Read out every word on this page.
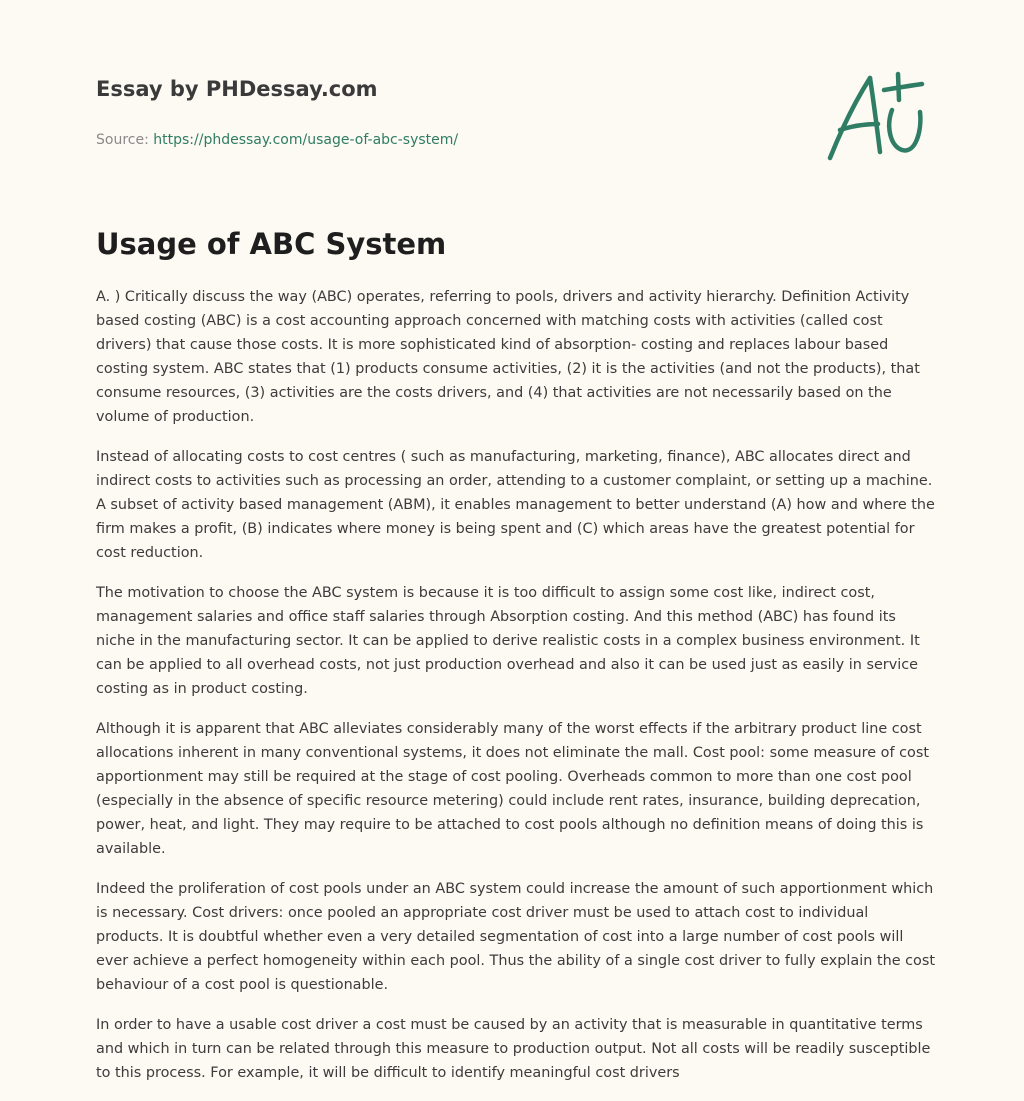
Essay by PHDessay.com
Source: https://phdessay.com/usage-of-abc-system/
Usage of ABC System

A. ) Critically discuss the way (ABC) operates, referring to pools, drivers and activity hierarchy. Definition Activity based costing (ABC) is a cost accounting approach concerned with matching costs with activities (called cost drivers) that cause those costs. It is more sophisticated kind of absorption- costing and replaces labour based costing system. ABC states that (1) products consume activities, (2) it is the activities (and not the products), that consume resources, (3) activities are the costs drivers, and (4) that activities are not necessarily based on the volume of production.

Instead of allocating costs to cost centres ( such as manufacturing, marketing, finance), ABC allocates direct and indirect costs to activities such as processing an order, attending to a customer complaint, or setting up a machine. A subset of activity based management (ABM), it enables management to better understand (A) how and where the firm makes a profit, (B) indicates where money is being spent and (C) which areas have the greatest potential for cost reduction.

The motivation to choose the ABC system is because it is too difficult to assign some cost like, indirect cost, management salaries and office staff salaries through Absorption costing. And this method (ABC) has found its niche in the manufacturing sector. It can be applied to derive realistic costs in a complex business environment. It can be applied to all overhead costs, not just production overhead and also it can be used just as easily in service costing as in product costing.

Although it is apparent that ABC alleviates considerably many of the worst effects if the arbitrary product line cost allocations inherent in many conventional systems, it does not eliminate the mall. Cost pool: some measure of cost apportionment may still be required at the stage of cost pooling. Overheads common to more than one cost pool (especially in the absence of specific resource metering) could include rent rates, insurance, building deprecation, power, heat, and light. They may require to be attached to cost pools although no definition means of doing this is available.

Indeed the proliferation of cost pools under an ABC system could increase the amount of such apportionment which is necessary. Cost drivers: once pooled an appropriate cost driver must be used to attach cost to individual products. It is doubtful whether even a very detailed segmentation of cost into a large number of cost pools will ever achieve a perfect homogeneity within each pool. Thus the ability of a single cost driver to fully explain the cost behaviour of a cost pool is questionable.

In order to have a usable cost driver a cost must be caused by an activity that is measurable in quantitative terms and which in turn can be related through this measure to production output. Not all costs will be readily susceptible to this process. For example, it will be difficult to identify meaningful cost drivers
